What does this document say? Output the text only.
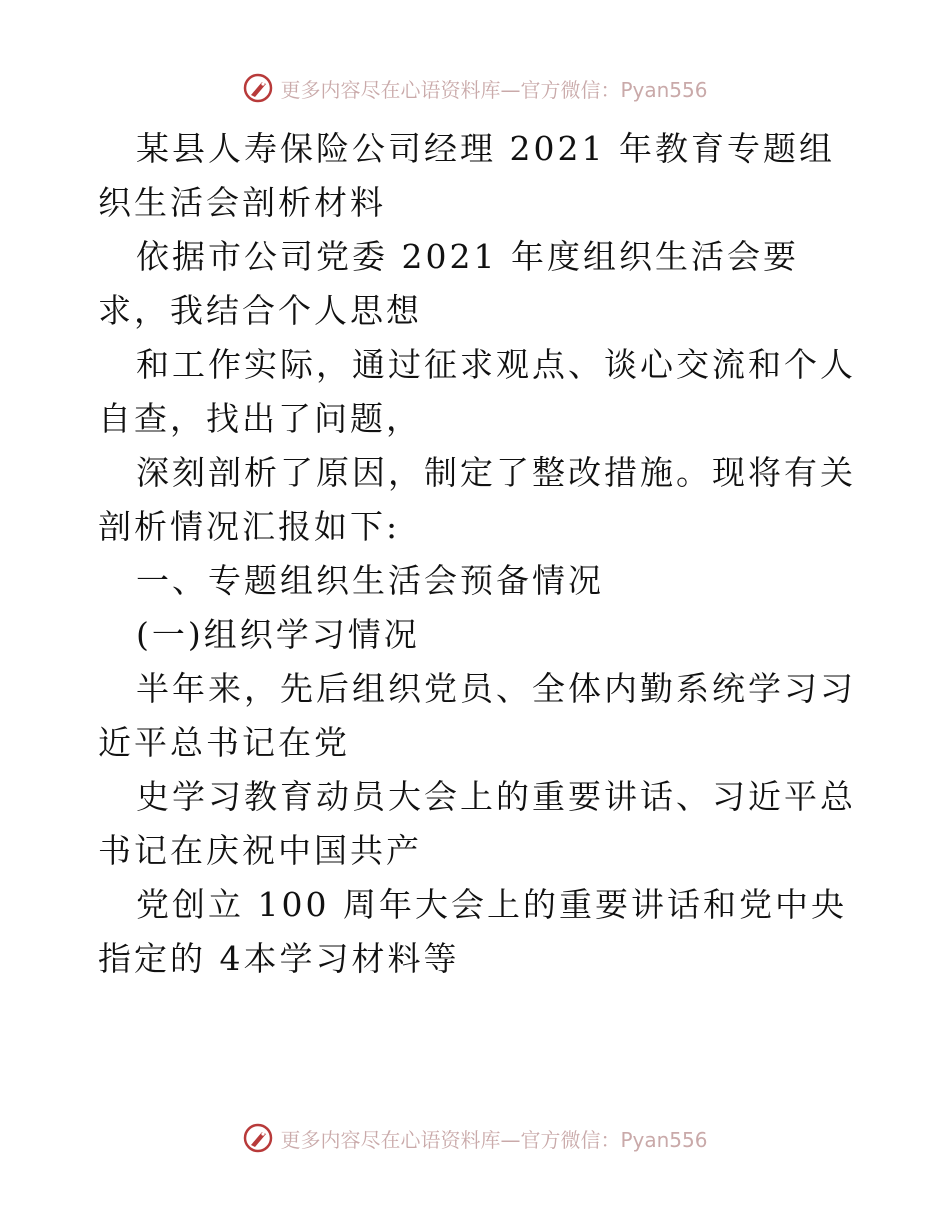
更多内容尽在心语资料库—官方微信：Pyan556

某县人寿保险公司经理 2021 年教育专题组织生活会剖析材料

依据市公司党委 2021 年度组织生活会要求，我结合个人思想

和工作实际，通过征求观点、谈心交流和个人自查，找出了问题，

深刻剖析了原因，制定了整改措施。现将有关剖析情况汇报如下:

一、专题组织生活会预备情况

(一)组织学习情况

半年来，先后组织党员、全体内勤系统学习习近平总书记在党

史学习教育动员大会上的重要讲话、习近平总书记在庆祝中国共产

党创立 100 周年大会上的重要讲话和党中央指定的 4本学习材料等

更多内容尽在心语资料库—官方微信：Pyan556
